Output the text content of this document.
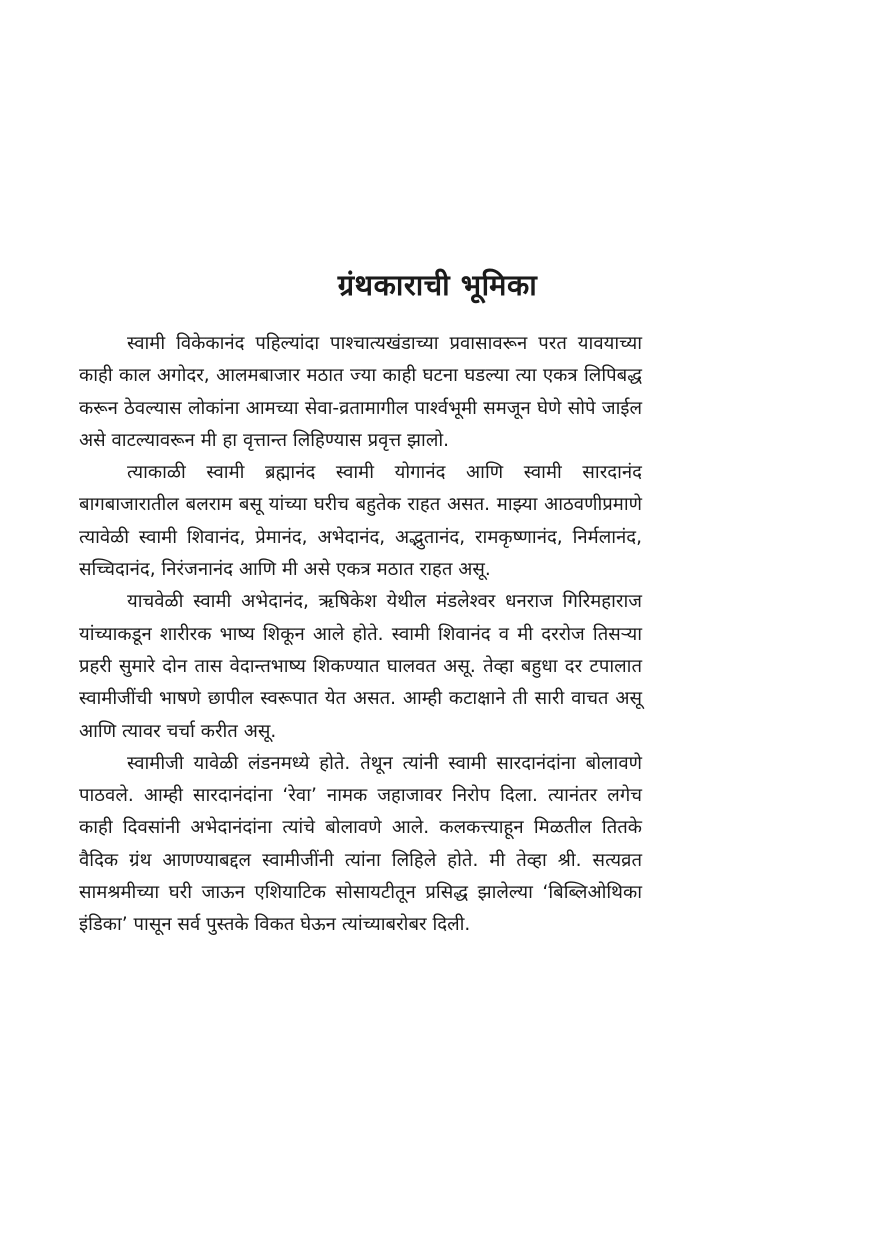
ग्रंथकाराची भूमिका

स्वामी विकेकानंद पहिल्यांदा पाश्चात्यखंडाच्या प्रवासावरून परत यावयाच्या काही काल अगोदर, आलमबाजार मठात ज्या काही घटना घडल्या त्या एकत्र लिपिबद्ध करून ठेवल्यास लोकांना आमच्या सेवा-व्रतामागील पार्श्वभूमी समजून घेणे सोपे जाईल असे वाटल्यावरून मी हा वृत्तान्त लिहिण्यास प्रवृत्त झालो.

त्याकाळी स्वामी ब्रह्मानंद स्वामी योगानंद आणि स्वामी सारदानंद बागबाजारातील बलराम बसू यांच्या घरीच बहुतेक राहत असत. माझ्या आठवणीप्रमाणे त्यावेळी स्वामी शिवानंद, प्रेमानंद, अभेदानंद, अद्भुतानंद, रामकृष्णानंद, निर्मलानंद, सच्चिदानंद, निरंजनानंद आणि मी असे एकत्र मठात राहत असू.

याचवेळी स्वामी अभेदानंद, ऋषिकेश येथील मंडलेश्वर धनराज गिरिमहाराज यांच्याकडून शारीरक भाष्य शिकून आले होते. स्वामी शिवानंद व मी दररोज तिसऱ्या प्रहरी सुमारे दोन तास वेदान्तभाष्य शिकण्यात घालवत असू. तेव्हा बहुधा दर टपालात स्वामीजींची भाषणे छापील स्वरूपात येत असत. आम्ही कटाक्षाने ती सारी वाचत असू आणि त्यावर चर्चा करीत असू.

स्वामीजी यावेळी लंडनमध्ये होते. तेथून त्यांनी स्वामी सारदानंदांना बोलावणे पाठवले. आम्ही सारदानंदांना ‘रेवा’ नामक जहाजावर निरोप दिला. त्यानंतर लगेच काही दिवसांनी अभेदानंदांना त्यांचे बोलावणे आले. कलकत्त्याहून मिळतील तितके वैदिक ग्रंथ आणण्याबद्दल स्वामीजींनी त्यांना लिहिले होते. मी तेव्हा श्री. सत्यव्रत सामश्रमीच्या घरी जाऊन एशियाटिक सोसायटीतून प्रसिद्ध झालेल्या ‘बिब्लिओथिका इंडिका’ पासून सर्व पुस्तके विकत घेऊन त्यांच्याबरोबर दिली.
